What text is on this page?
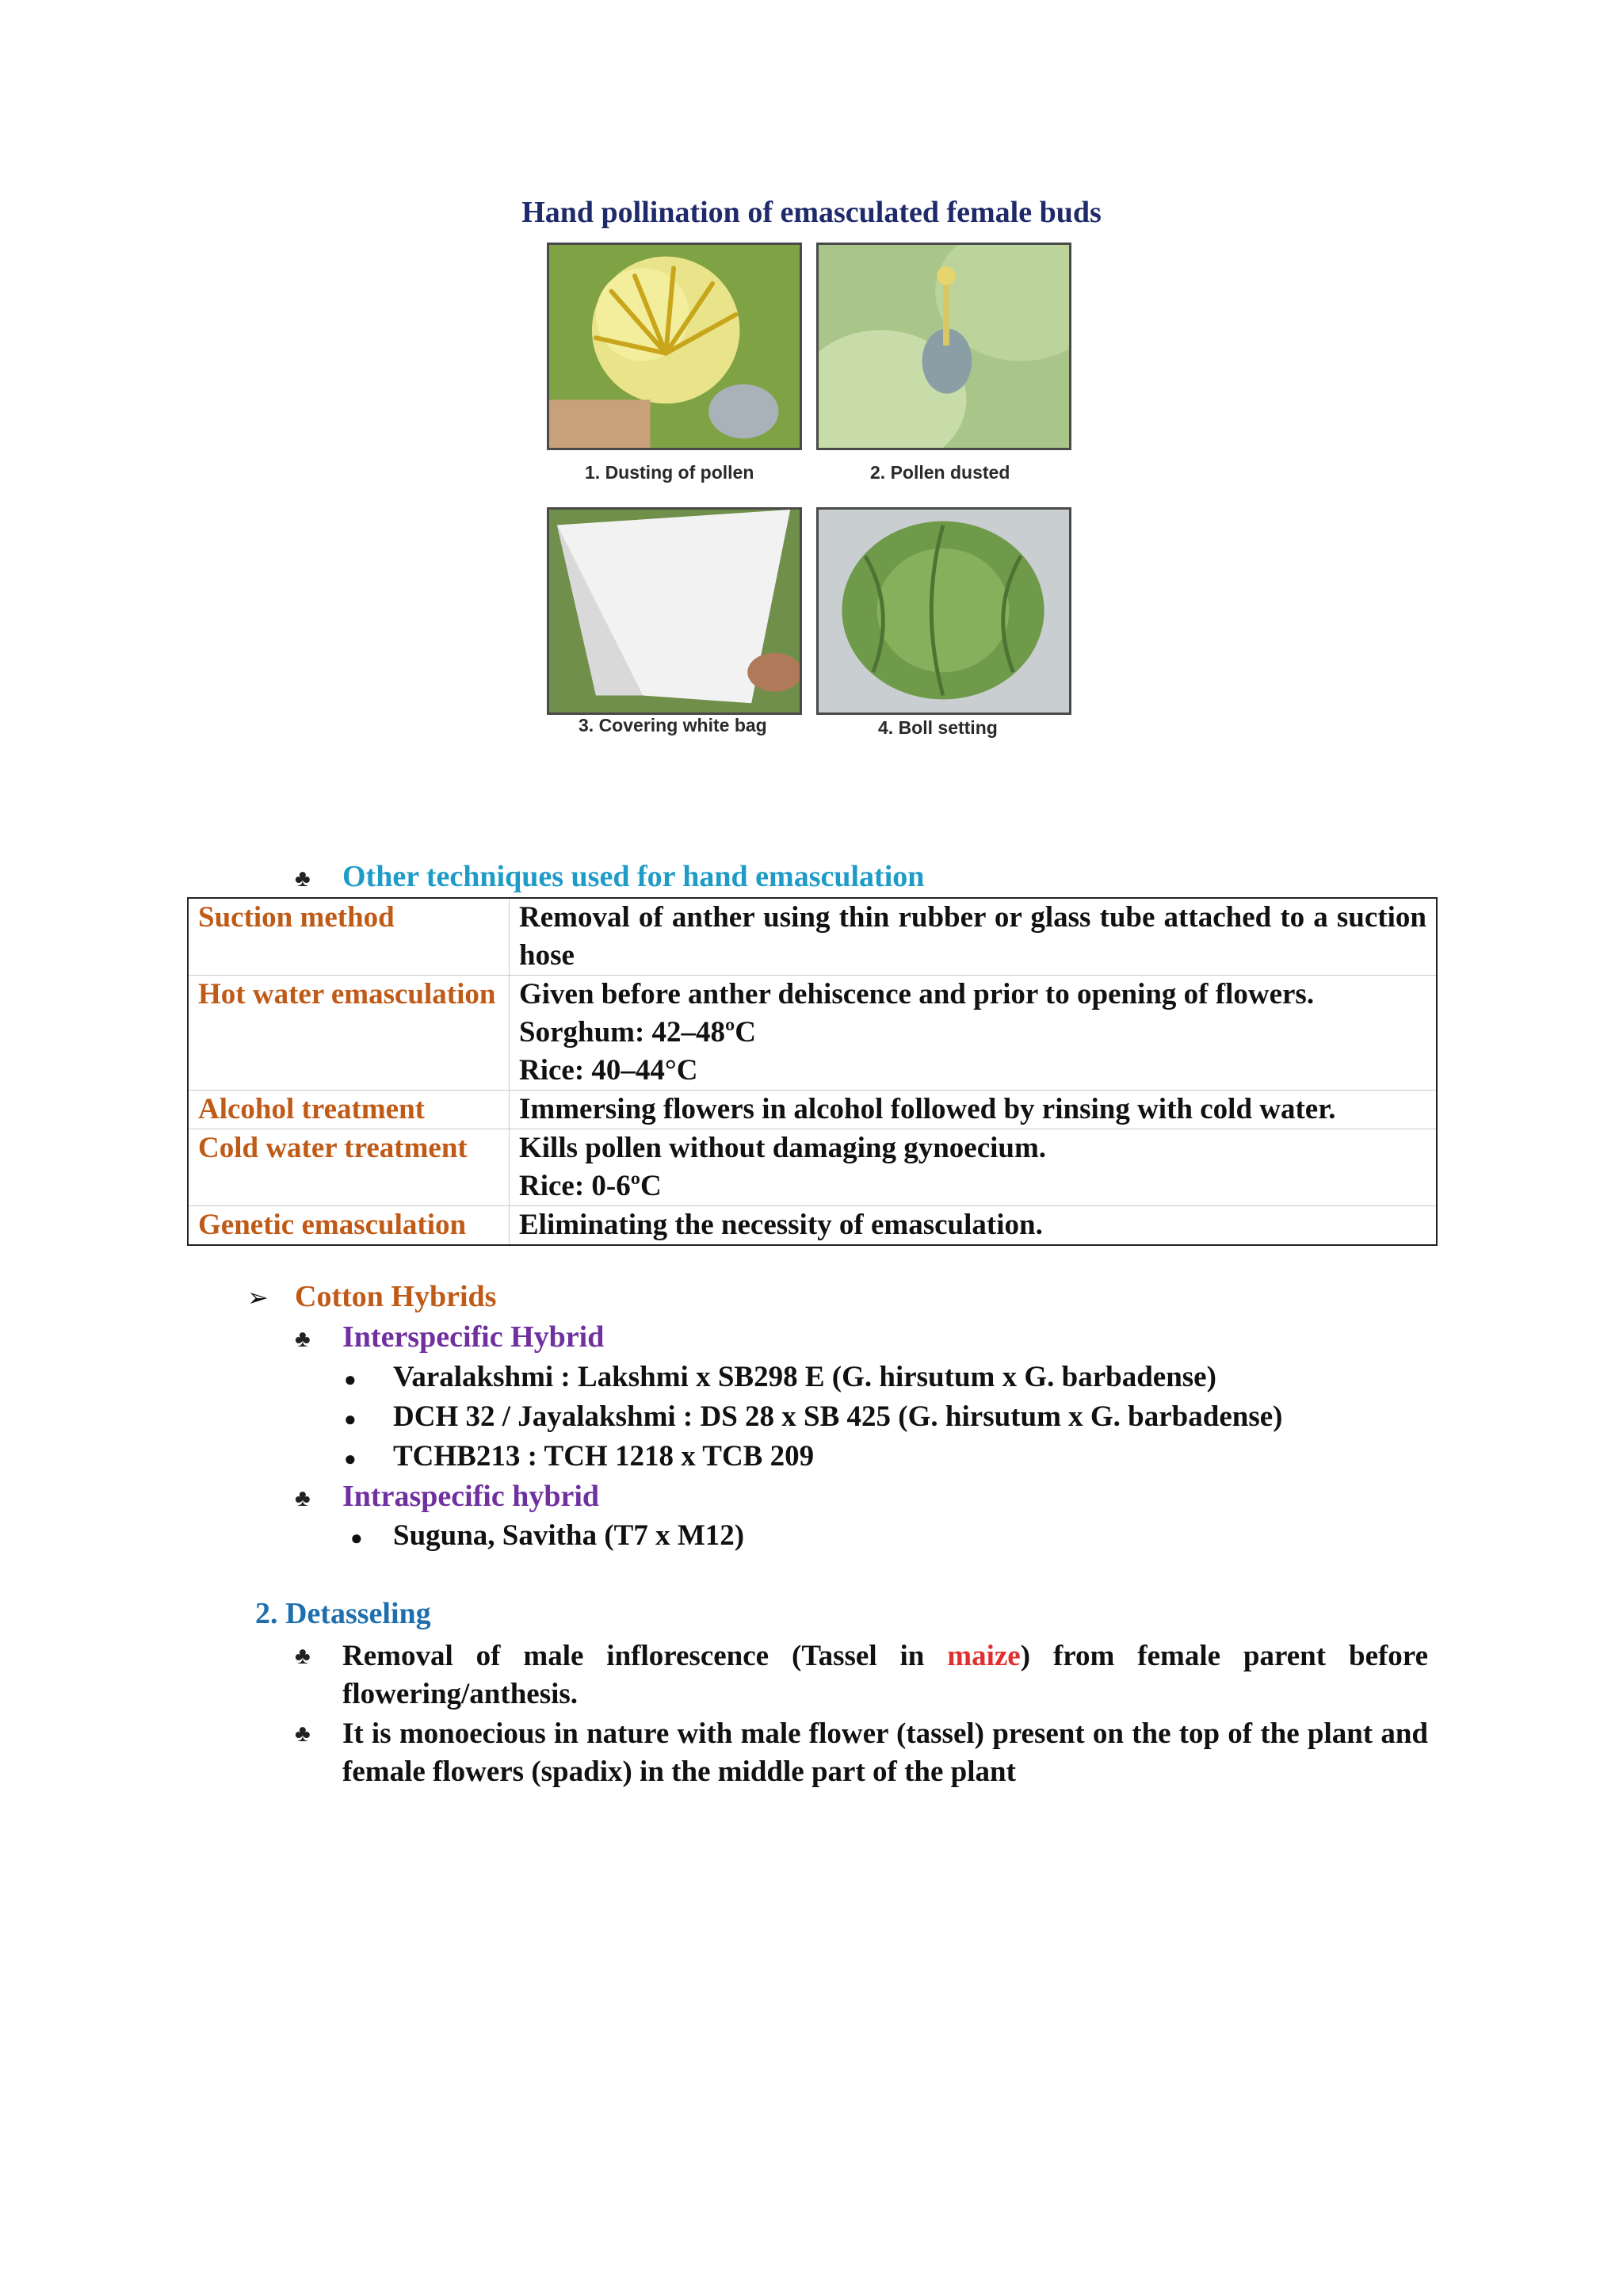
Hand pollination of emasculated female buds
1. Dusting of pollen	2. Pollen dusted
3. Covering white bag	4. Boll setting
♣ Other techniques used for hand emasculation
Suction method	Removal of anther using thin rubber or glass tube attached to a suction hose
Hot water emasculation	Given before anther dehiscence and prior to opening of flowers.
Sorghum: 42–48ºC
Rice: 40–44°C

Alcohol treatment	Immersing flowers in alcohol followed by rinsing with cold water.
Cold water treatment	Kills pollen without damaging gynoecium.
Rice: 0-6ºC

Genetic emasculation	Eliminating the necessity of emasculation.
➢ Cotton Hybrids
♣ Interspecific Hybrid
● Varalakshmi : Lakshmi x SB298 E (G. hirsutum x G. barbadense)
● DCH 32 / Jayalakshmi : DS 28 x SB 425 (G. hirsutum x G. barbadense)
● TCHB213 : TCH 1218 x TCB 209
♣ Intraspecific hybrid
● Suguna, Savitha (T7 x M12)
2. Detasseling
♣ Removal of male inflorescence (Tassel in maize) from female parent before flowering/anthesis.
♣ It is monoecious in nature with male flower (tassel) present on the top of the plant and female flowers (spadix) in the middle part of the plant
